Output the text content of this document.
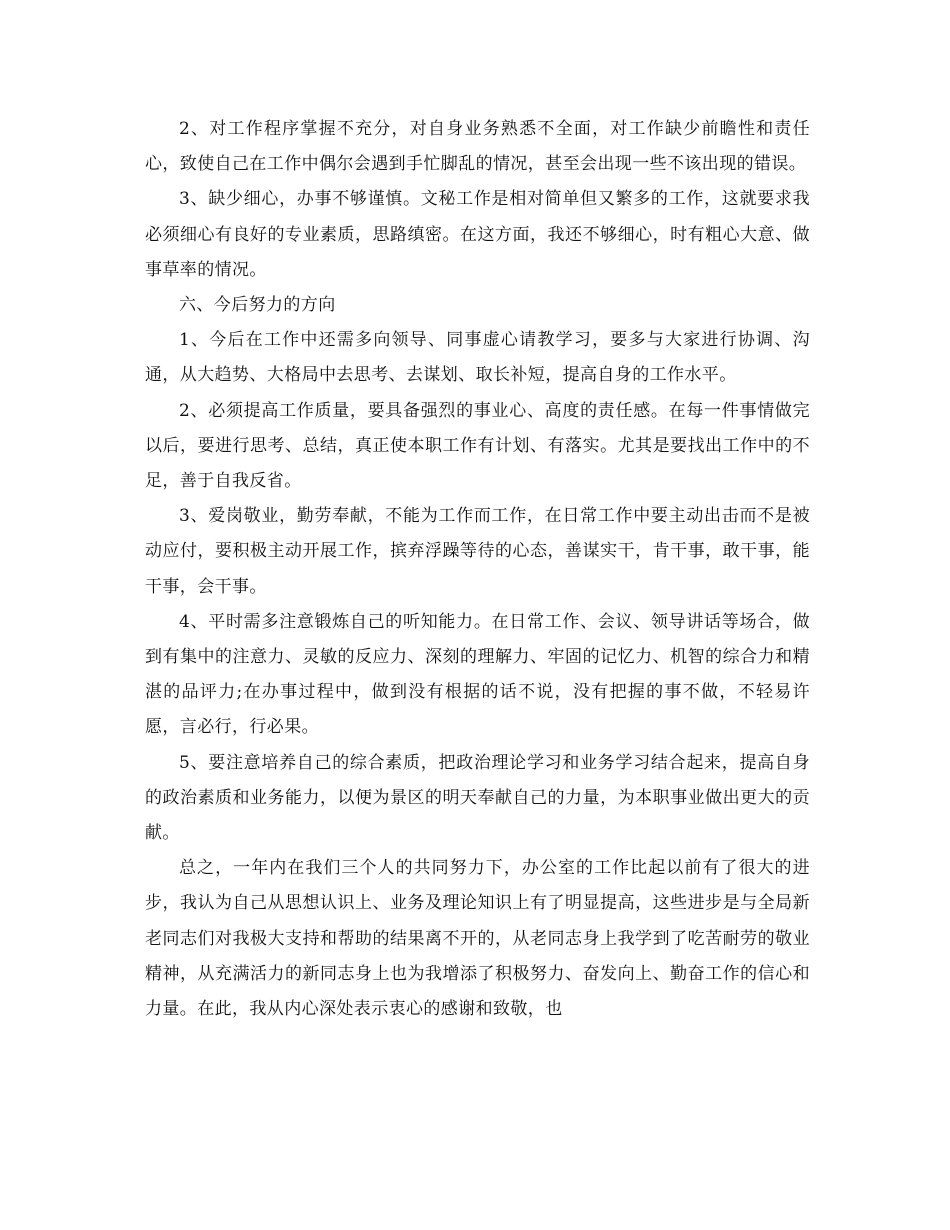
2、对工作程序掌握不充分，对自身业务熟悉不全面，对工作缺少前瞻性和责任心，致使自己在工作中偶尔会遇到手忙脚乱的情况，甚至会出现一些不该出现的错误。

3、缺少细心，办事不够谨慎。文秘工作是相对简单但又繁多的工作，这就要求我必须细心有良好的专业素质，思路缜密。在这方面，我还不够细心，时有粗心大意、做事草率的情况。

六、今后努力的方向

1、今后在工作中还需多向领导、同事虚心请教学习，要多与大家进行协调、沟通，从大趋势、大格局中去思考、去谋划、取长补短，提高自身的工作水平。

2、必须提高工作质量，要具备强烈的事业心、高度的责任感。在每一件事情做完以后，要进行思考、总结，真正使本职工作有计划、有落实。尤其是要找出工作中的不足，善于自我反省。

3、爱岗敬业，勤劳奉献，不能为工作而工作，在日常工作中要主动出击而不是被动应付，要积极主动开展工作，摈弃浮躁等待的心态，善谋实干，肯干事，敢干事，能干事，会干事。

4、平时需多注意锻炼自己的听知能力。在日常工作、会议、领导讲话等场合，做到有集中的注意力、灵敏的反应力、深刻的理解力、牢固的记忆力、机智的综合力和精湛的品评力;在办事过程中，做到没有根据的话不说，没有把握的事不做，不轻易许愿，言必行，行必果。

5、要注意培养自己的综合素质，把政治理论学习和业务学习结合起来，提高自身的政治素质和业务能力，以便为景区的明天奉献自己的力量，为本职事业做出更大的贡献。

总之，一年内在我们三个人的共同努力下，办公室的工作比起以前有了很大的进步，我认为自己从思想认识上、业务及理论知识上有了明显提高，这些进步是与全局新老同志们对我极大支持和帮助的结果离不开的，从老同志身上我学到了吃苦耐劳的敬业精神，从充满活力的新同志身上也为我增添了积极努力、奋发向上、勤奋工作的信心和力量。在此，我从内心深处表示衷心的感谢和致敬，也
